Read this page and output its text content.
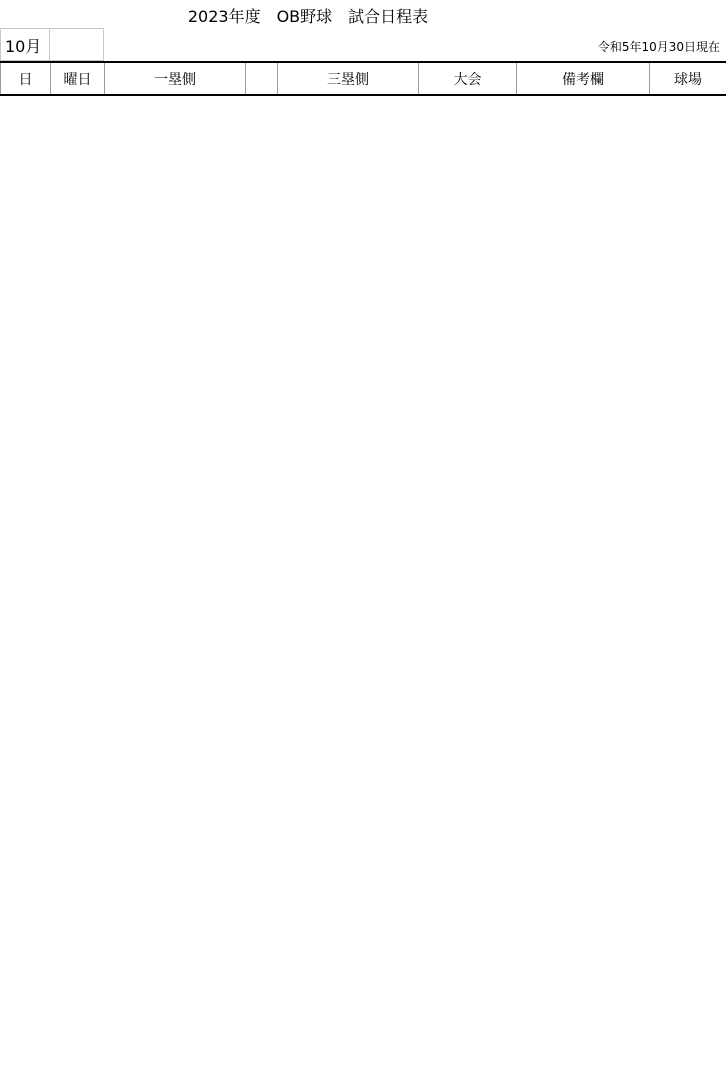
2023年度　OB野球　試合日程表
10月	令和5年10月30日現在
日	曜日	一塁側		三塁側	大会	備考欄	球場
